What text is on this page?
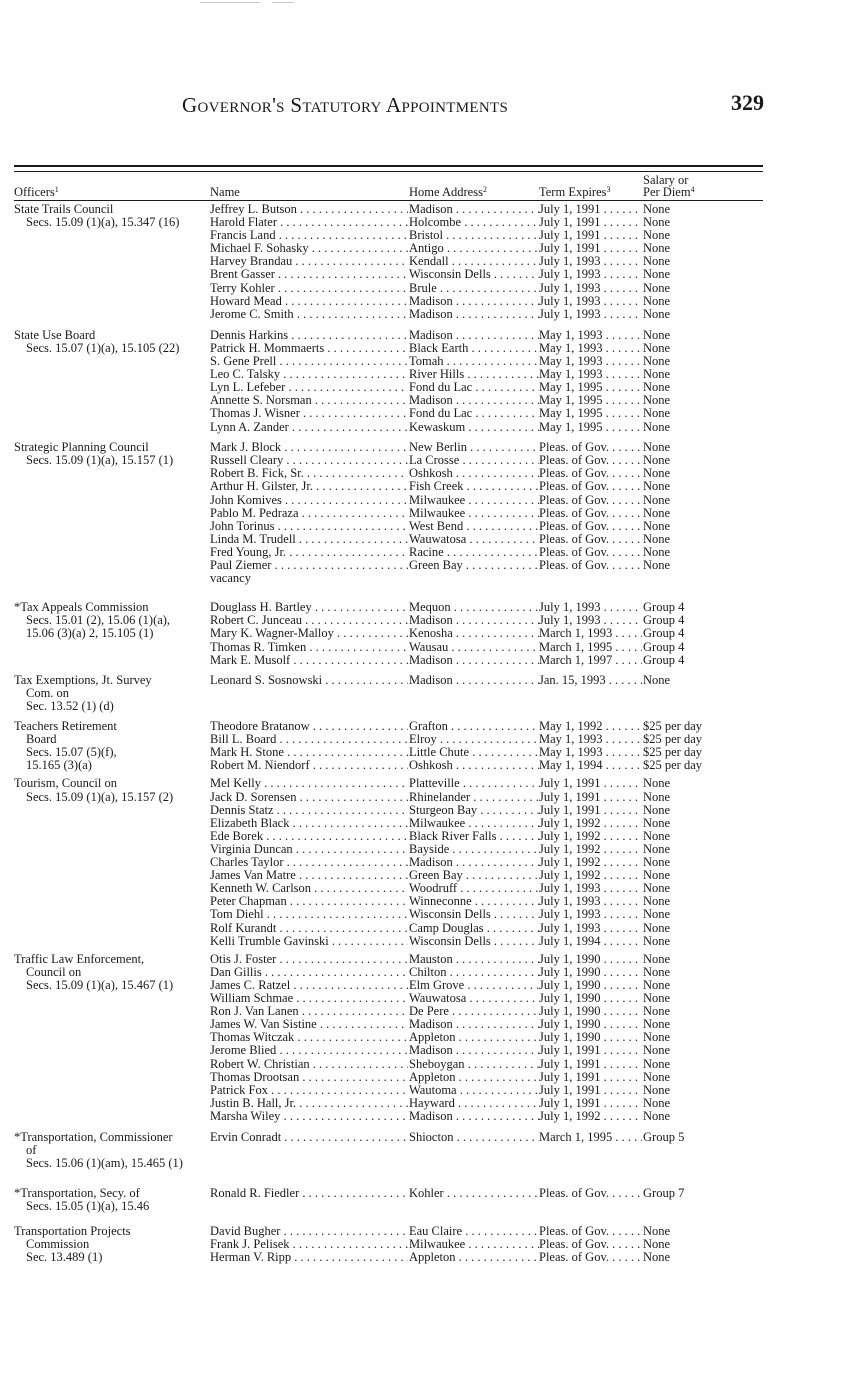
Governor's Statutory Appointments	329
Officers$^1$	Name	Home Address$^2$	Term Expires$^3$
Salary or
Per Diem$^4$
State Trails Council
Secs. 15.09 (1)(a), 15.347 (16)
Jeffrey L. Butson . . .	Madison . . .	July 1, 1991 . . .	None
Harold Flater . . .	Holcombe . . .	July 1, 1991 . . .	None
Francis Land . . .	Bristol . . .	July 1, 1991 . . .	None
Michael F. Sohasky . . .	Antigo . . .	July 1, 1991 . . .	None
Harvey Brandau . . .	Kendall . . .	July 1, 1993 . . .	None
Brent Gasser . . .	Wisconsin Dells . . .	July 1, 1993 . . .	None
Terry Kohler . . .	Brule . . .	July 1, 1993 . . .	None
Howard Mead . . .	Madison . . .	July 1, 1993 . . .	None
Jerome C. Smith . . .	Madison . . .	July 1, 1993 . . .	None
State Use Board
Secs. 15.07 (1)(a), 15.105 (22)
Dennis Harkins . . .	Madison . . .	May 1, 1993 . . .	None
Patrick H. Mommaerts . . .	Black Earth . . .	May 1, 1993 . . .	None
S. Gene Prell . . .	Tomah . . .	May 1, 1993 . . .	None
Leo C. Talsky . . .	River Hills . . .	May 1, 1993 . . .	None
Lyn L. Lefeber . . .	Fond du Lac . . .	May 1, 1995 . . .	None
Annette S. Norsman . . .	Madison . . .	May 1, 1995 . . .	None
Thomas J. Wisner . . .	Fond du Lac . . .	May 1, 1995 . . .	None
Lynn A. Zander . . .	Kewaskum . . .	May 1, 1995 . . .	None
Strategic Planning Council
Secs. 15.09 (1)(a), 15.157 (1)
Mark J. Block . . .	New Berlin . . .	Pleas. of Gov. . . .	None
Russell Cleary . . .	La Crosse . . .	Pleas. of Gov. . . .	None
Robert B. Fick, Sr. . . .	Oshkosh . . .	Pleas. of Gov. . . .	None
Arthur H. Gilster, Jr. . . .	Fish Creek . . .	Pleas. of Gov. . . .	None
John Komives . . .	Milwaukee . . .	Pleas. of Gov. . . .	None
Pablo M. Pedraza . . .	Milwaukee . . .	Pleas. of Gov. . . .	None
John Torinus . . .	West Bend . . .	Pleas. of Gov. . . .	None
Linda M. Trudell . . .	Wauwatosa . . .	Pleas. of Gov. . . .	None
Fred Young, Jr. . . .	Racine . . .	Pleas. of Gov. . . .	None
Paul Ziemer . . .	Green Bay . . .	Pleas. of Gov. . . .	None
vacancy
*Tax Appeals Commission
Secs. 15.01 (2), 15.06 (1)(a),
15.06 (3)(a) 2, 15.105 (1)
Douglass H. Bartley . . .	Mequon . . .	July 1, 1993 . . .	Group 4
Robert C. Junceau . . .	Madison . . .	July 1, 1993 . . .	Group 4
Mary K. Wagner-Malloy . . .	Kenosha . . .	March 1, 1993 . . .	Group 4
Thomas R. Timken . . .	Wausau . . .	March 1, 1995 . . .	Group 4
Mark E. Musolf . . .	Madison . . .	March 1, 1997 . . .	Group 4
Tax Exemptions, Jt. Survey
Com. on
Sec. 13.52 (1) (d)
Leonard S. Sosnowski . . .	Madison . . .	Jan. 15, 1993 . . .	None
Teachers Retirement
Board
Secs. 15.07 (5)(f),
15.165 (3)(a)
Theodore Bratanow . . .	Grafton . . .	May 1, 1992 . . .	$25 per day
Bill L. Board . . .	Elroy . . .	May 1, 1993 . . .	$25 per day
Mark H. Stone . . .	Little Chute . . .	May 1, 1993 . . .	$25 per day
Robert M. Niendorf . . .	Oshkosh . . .	May 1, 1994 . . .	$25 per day
Tourism, Council on
Secs. 15.09 (1)(a), 15.157 (2)
Mel Kelly . . .	Platteville . . .	July 1, 1991 . . .	None
Jack D. Sorensen . . .	Rhinelander . . .	July 1, 1991 . . .	None
Dennis Statz . . .	Sturgeon Bay . . .	July 1, 1991 . . .	None
Elizabeth Black . . .	Milwaukee . . .	July 1, 1992 . . .	None
Ede Borek . . .	Black River Falls . . .	July 1, 1992 . . .	None
Virginia Duncan . . .	Bayside . . .	July 1, 1992 . . .	None
Charles Taylor . . .	Madison . . .	July 1, 1992 . . .	None
James Van Matre . . .	Green Bay . . .	July 1, 1992 . . .	None
Kenneth W. Carlson . . .	Woodruff . . .	July 1, 1993 . . .	None
Peter Chapman . . .	Winneconne . . .	July 1, 1993 . . .	None
Tom Diehl . . .	Wisconsin Dells . . .	July 1, 1993 . . .	None
Rolf Kurandt . . .	Camp Douglas . . .	July 1, 1993 . . .	None
Kelli Trumble Gavinski . . .	Wisconsin Dells . . .	July 1, 1994 . . .	None
Traffic Law Enforcement,
Council on
Secs. 15.09 (1)(a), 15.467 (1)
Otis J. Foster . . .	Mauston . . .	July 1, 1990 . . .	None
Dan Gillis . . .	Chilton . . .	July 1, 1990 . . .	None
James C. Ratzel . . .	Elm Grove . . .	July 1, 1990 . . .	None
William Schmae . . .	Wauwatosa . . .	July 1, 1990 . . .	None
Ron J. Van Lanen . . .	De Pere . . .	July 1, 1990 . . .	None
James W. Van Sistine . . .	Madison . . .	July 1, 1990 . . .	None
Thomas Witczak . . .	Appleton . . .	July 1, 1990 . . .	None
Jerome Blied . . .	Madison . . .	July 1, 1991 . . .	None
Robert W. Christian . . .	Sheboygan . . .	July 1, 1991 . . .	None
Thomas Drootsan . . .	Appleton . . .	July 1, 1991 . . .	None
Patrick Fox . . .	Wautoma . . .	July 1, 1991 . . .	None
Justin B. Hall, Jr. . . .	Hayward . . .	July 1, 1991 . . .	None
Marsha Wiley . . .	Madison . . .	July 1, 1992 . . .	None
*Transportation, Commissioner
of
Secs. 15.06 (1)(am), 15.465 (1)
Ervin Conradt . . .	Shiocton . . .	March 1, 1995 . . .	Group 5
*Transportation, Secy. of
Secs. 15.05 (1)(a), 15.46
Ronald R. Fiedler . . .	Kohler . . .	Pleas. of Gov. . . .	Group 7
Transportation Projects
Commission
Sec. 13.489 (1)
David Bugher . . .	Eau Claire . . .	Pleas. of Gov. . . .	None
Frank J. Pelisek . . .	Milwaukee . . .	Pleas. of Gov. . . .	None
Herman V. Ripp . . .	Appleton . . .	Pleas. of Gov. . . .	None
